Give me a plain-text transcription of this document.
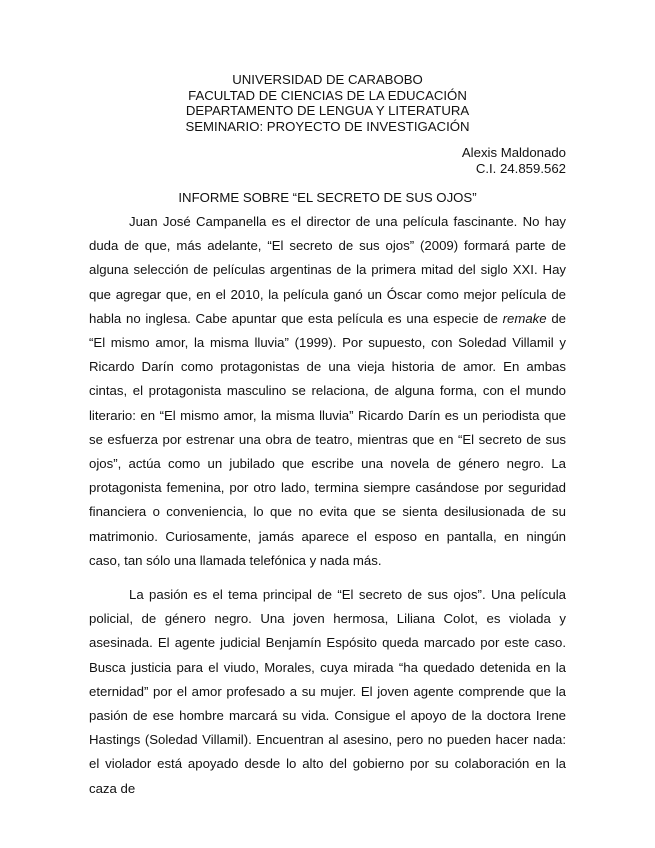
UNIVERSIDAD DE CARABOBO
FACULTAD DE CIENCIAS DE LA EDUCACIÓN
DEPARTAMENTO DE LENGUA Y LITERATURA
SEMINARIO: PROYECTO DE INVESTIGACIÓN
Alexis Maldonado
C.I. 24.859.562
INFORME SOBRE “EL SECRETO DE SUS OJOS”

Juan José Campanella es el director de una película fascinante. No hay duda de que, más adelante, “El secreto de sus ojos” (2009) formará parte de alguna selección de películas argentinas de la primera mitad del siglo XXI. Hay que agregar que, en el 2010, la película ganó un Óscar como mejor película de habla no inglesa. Cabe apuntar que esta película es una especie de remake de “El mismo amor, la misma lluvia” (1999). Por supuesto, con Soledad Villamil y Ricardo Darín como protagonistas de una vieja historia de amor. En ambas cintas, el protagonista masculino se relaciona, de alguna forma, con el mundo literario: en “El mismo amor, la misma lluvia” Ricardo Darín es un periodista que se esfuerza por estrenar una obra de teatro, mientras que en “El secreto de sus ojos”, actúa como un jubilado que escribe una novela de género negro. La protagonista femenina, por otro lado, termina siempre casándose por seguridad financiera o conveniencia, lo que no evita que se sienta desilusionada de su matrimonio. Curiosamente, jamás aparece el esposo en pantalla, en ningún caso, tan sólo una llamada telefónica y nada más.

La pasión es el tema principal de “El secreto de sus ojos”. Una película policial, de género negro. Una joven hermosa, Liliana Colot, es violada y asesinada. El agente judicial Benjamín Espósito queda marcado por este caso. Busca justicia para el viudo, Morales, cuya mirada “ha quedado detenida en la eternidad” por el amor profesado a su mujer. El joven agente comprende que la pasión de ese hombre marcará su vida. Consigue el apoyo de la doctora Irene Hastings (Soledad Villamil). Encuentran al asesino, pero no pueden hacer nada: el violador está apoyado desde lo alto del gobierno por su colaboración en la caza de
